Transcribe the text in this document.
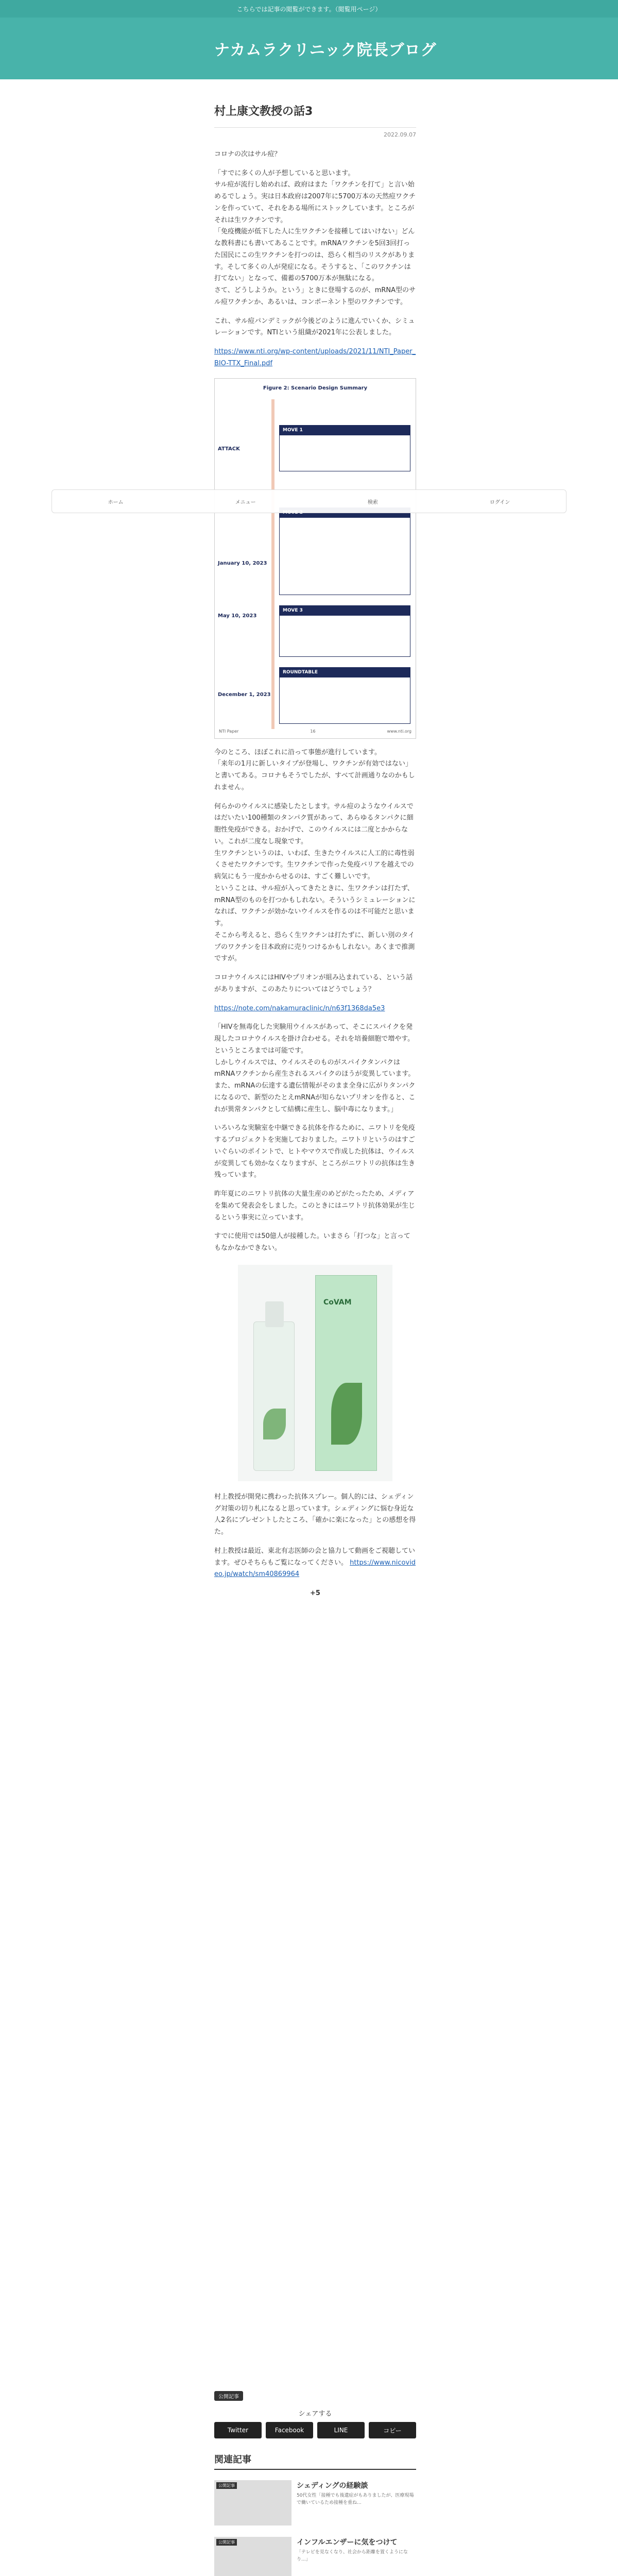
こちらでは記事の閲覧ができます。（閲覧用ページ）
ナカムラクリニック院長ブログ
村上康文教授の話3
2022.09.07
コロナの次はサル痘？
「すでに多くの人が予想していると思います。
サル痘が流行し始めれば、政府はまた「ワクチンを打て」と言い始めるでしょう。実は日本政府は2007年に5700万本の天然痘ワクチンを作っていて、それをある場所にストックしています。ところがそれは生ワクチンです。
「免疫機能が低下した人に生ワクチンを接種してはいけない」どんな教科書にも書いてあることです。mRNAワクチンを5回3回打った国民にこの生ワクチンを打つのは、恐らく相当のリスクがあります。そして多くの人が発症になる。そうすると、「このワクチンは打てない」となって、備蓄の5700万本が無駄になる。
さて、どうしようか。という」ときに登場するのが、mRNA型のサル痘ワクチンか、あるいは、コンポーネント型のワクチンです。
これ、サル痘パンデミックが今後どのように進んでいくか、シミュレーションです。NTIという組織が2021年に公表しました。
https://www.nti.org/wp-content/uploads/2021/11/NTI_Paper_BIO-TTX_Final.pdf
Figure 2: Scenario Design Summary
ATTACK
January 10, 2023
May 10, 2023
December 1, 2023
MOVE 1
MOVE 3
ROUNDTABLE
NTI Paper	16	www.nti.org
今のところ、ほぼこれに沿って事態が進行しています。
「来年の1月に新しいタイプが登場し、ワクチンが有効ではない」と書いてある。コロナもそうでしたが、すべて計画通りなのかもしれません。
何らかのウイルスに感染したとします。サル痘のようなウイルスではだいたい100種類のタンパク質があって、あらゆるタンパクに細胞性免疫ができる。おかげで、このウイルスには二度とかからない。これが二度なし現象です。
生ワクチンというのは、いわば、生きたウイルスに人工的に毒性弱くさせたワクチンです。生ワクチンで作った免疫バリアを越えでの病気にもう一度かからせるのは、すごく難しいです。
ということは、サル痘が入ってきたときに、生ワクチンは打たず、mRNA型のものを打つかもしれない。そういうシミュレーションになれば、ワクチンが効かないウイルスを作るのは不可能だと思います。
そこから考えると、恐らく生ワクチンは打たずに、新しい別のタイプのワクチンを日本政府に売りつけるかもしれない。あくまで推測ですが。
コロナウイルスにはHIVやプリオンが組み込まれている、という話がありますが、このあたりについてはどうでしょう？
https://note.com/nakamuraclinic/n/n63f1368da5e3
「HIVを無毒化した実験用ウイルスがあって、そこにスパイクを発現したコロナウイルスを掛け合わせる。それを培養細胞で増やす。というところまでは可能です。
しかしウイルスでは、ウイルスそのものがスパイクタンパクはmRNAワクチンから産生されるスパイクのほうが変異しています。また、mRNAの伝達する遺伝情報がそのまま全身に広がりタンパクになるので、新型のたとえmRNAが知らないプリオンを作ると、これが異常タンパクとして結構に産生し、脳中毒になります。」
いろいろな実験室を中継できる抗体を作るために、ニワトリを免疫するプロジェクトを実施しておりました。ニワトリというのはすごいぐらいのポイントで、ヒトやマウスで作成した抗体は、ウイルスが変異しても効かなくなりますが、ところがニワトリの抗体は生き残っています。
昨年夏にのニワトリ抗体の大量生産のめどがたったため、メディアを集めて発表会をしました。このときにはニワトリ抗体効果が生じるという事実に立っています。
すでに使用では50億人が接種した。いまさら「打つな」と言ってもなかなかできない。
CoVAM
村上教授が開発に携わった抗体スプレー。個人的には、シェディング対策の切り札になると思っています。シェディングに悩む身近な人2名にプレゼントしたところ、「確かに楽になった」との感想を得た。
村上教授は最近、東北有志医師の会と協力して動画をご視聴しています。ぜひそちらもご覧になってください。 https://www.nicovideo.jp/watch/sm40869964
+5
ホーム	メニュー	検索	ログイン
公開記事
シェアする
Twitter	Facebook	LINE	コピー
関連記事
公開記事	シェディングの経験談
50代女性「接種でも後遺症がもありましたが、医療現場で働いているため接種を重ね...
公開記事	インフルエンザーに気をつけて
「テレビを見なくなり、社会から距離を置くようになり...」
